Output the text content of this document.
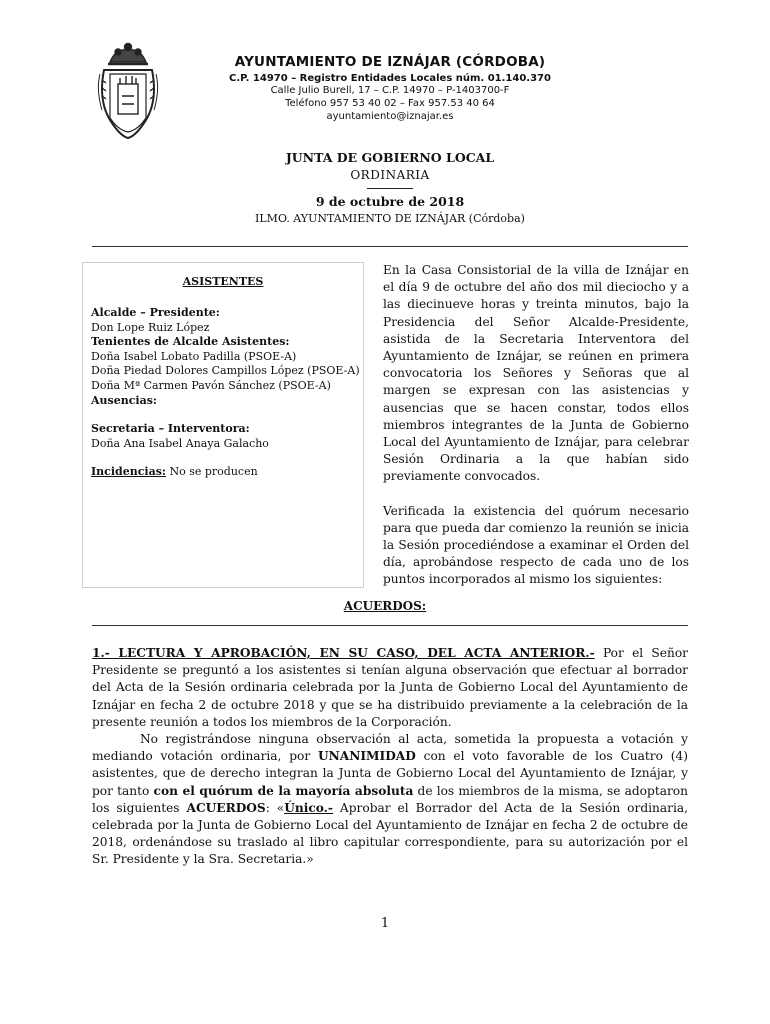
AYUNTAMIENTO DE IZNÁJAR (CÓRDOBA)
C.P. 14970 – Registro Entidades Locales núm. 01.140.370
Calle Julio Burell, 17 – C.P. 14970 – P-1403700-F
Teléfono 957 53 40 02 – Fax 957.53 40 64
ayuntamiento@iznajar.es
JUNTA DE GOBIERNO LOCAL
ORDINARIA
9 de octubre de 2018
ILMO. AYUNTAMIENTO DE IZNÁJAR (Córdoba)
ASISTENTES
Alcalde – Presidente:
Don Lope Ruiz López
Tenientes de Alcalde Asistentes:
Doña Isabel Lobato Padilla (PSOE-A)
Doña Piedad Dolores Campillos López (PSOE-A)
Doña Mª Carmen Pavón Sánchez (PSOE-A)
Ausencias:
Secretaria – Interventora:
Doña Ana Isabel Anaya Galacho
Incidencias: No se producen

En la Casa Consistorial de la villa de Iznájar en el día 9 de octubre del año dos mil dieciocho y a las diecinueve horas y treinta minutos, bajo la Presidencia del Señor Alcalde-Presidente, asistida de la Secretaria Interventora del Ayuntamiento de Iznájar, se reúnen en primera convocatoria los Señores y Señoras que al margen se expresan con las asistencias y ausencias que se hacen constar, todos ellos miembros integrantes de la Junta de Gobierno Local del Ayuntamiento de Iznájar, para celebrar Sesión Ordinaria a la que habían sido previamente convocados.

Verificada la existencia del quórum necesario para que pueda dar comienzo la reunión se inicia la Sesión procediéndose a examinar el Orden del día, aprobándose respecto de cada uno de los puntos incorporados al mismo los siguientes:

ACUERDOS:

1.- LECTURA Y APROBACIÓN, EN SU CASO, DEL ACTA ANTERIOR.- Por el Señor Presidente se preguntó a los asistentes si tenían alguna observación que efectuar al borrador del Acta de la Sesión ordinaria celebrada por la Junta de Gobierno Local del Ayuntamiento de Iznájar en fecha 2 de octubre 2018 y que se ha distribuido previamente a la celebración de la presente reunión a todos los miembros de la Corporación.

No registrándose ninguna observación al acta, sometida la propuesta a votación y mediando votación ordinaria, por UNANIMIDAD con el voto favorable de los Cuatro (4) asistentes, que de derecho integran la Junta de Gobierno Local del Ayuntamiento de Iznájar, y por tanto con el quórum de la mayoría absoluta de los miembros de la misma, se adoptaron los siguientes ACUERDOS: «Único.- Aprobar el Borrador del Acta de la Sesión ordinaria, celebrada por la Junta de Gobierno Local del Ayuntamiento de Iznájar en fecha 2 de octubre de 2018, ordenándose su traslado al libro capitular correspondiente, para su autorización por el Sr. Presidente y la Sra. Secretaria.»

1
